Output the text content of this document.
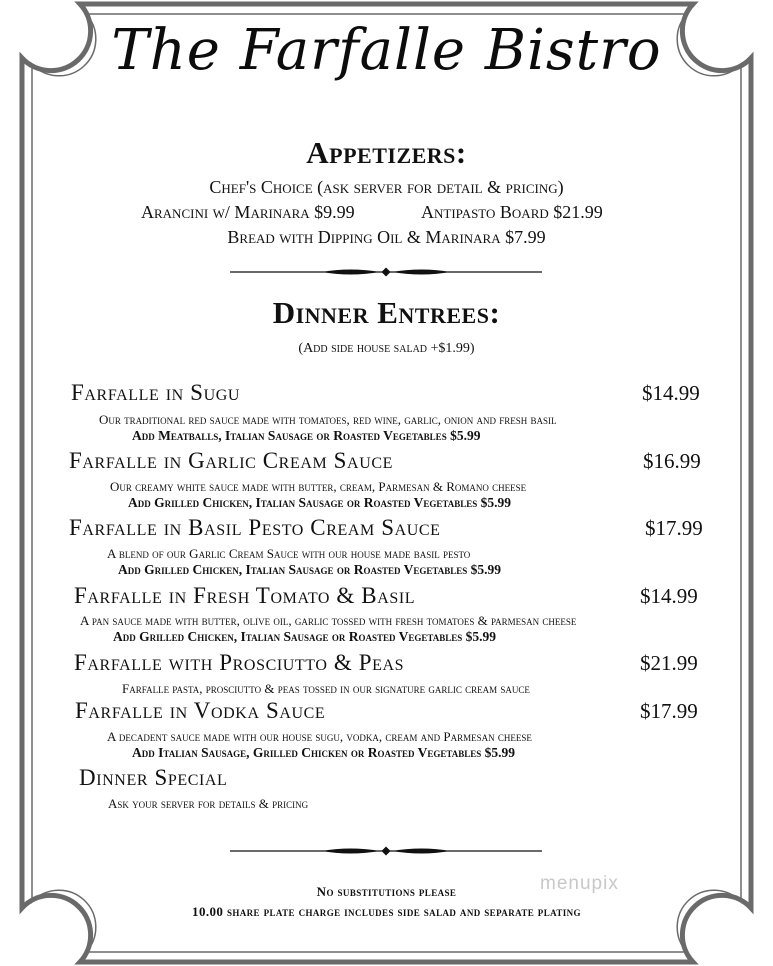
The Farfalle Bistro
Appetizers:
Chef's Choice (ask server for detail & pricing)
Arancini w/ Marinara $9.99	Antipasto Board $21.99
Bread with Dipping Oil & Marinara $7.99
Dinner Entrees:
(Add side house salad +$1.99)
Farfalle in Sugu	$14.99
Our traditional red sauce made with tomatoes, red wine, garlic, onion and fresh basil
Add Meatballs, Italian Sausage or Roasted Vegetables $5.99
Farfalle in Garlic Cream Sauce	$16.99
Our creamy white sauce made with butter, cream, Parmesan & Romano cheese
Add Grilled Chicken, Italian Sausage or Roasted Vegetables $5.99
Farfalle in Basil Pesto Cream Sauce	$17.99
A blend of our Garlic Cream Sauce with our house made basil pesto
Add Grilled Chicken, Italian Sausage or Roasted Vegetables $5.99
Farfalle in Fresh Tomato & Basil	$14.99
A pan sauce made with butter, olive oil, garlic tossed with fresh tomatoes & parmesan cheese
Add Grilled Chicken, Italian Sausage or Roasted Vegetables $5.99
Farfalle with Prosciutto & Peas	$21.99
Farfalle pasta, prosciutto & peas tossed in our signature garlic cream sauce
Farfalle in Vodka Sauce	$17.99
A decadent sauce made with our house sugu, vodka, cream and Parmesan cheese
Add Italian Sausage, Grilled Chicken or Roasted Vegetables $5.99
Dinner Special
Ask your server for details & pricing
menupix
No substitutions please
10.00 share plate charge includes side salad and separate plating
